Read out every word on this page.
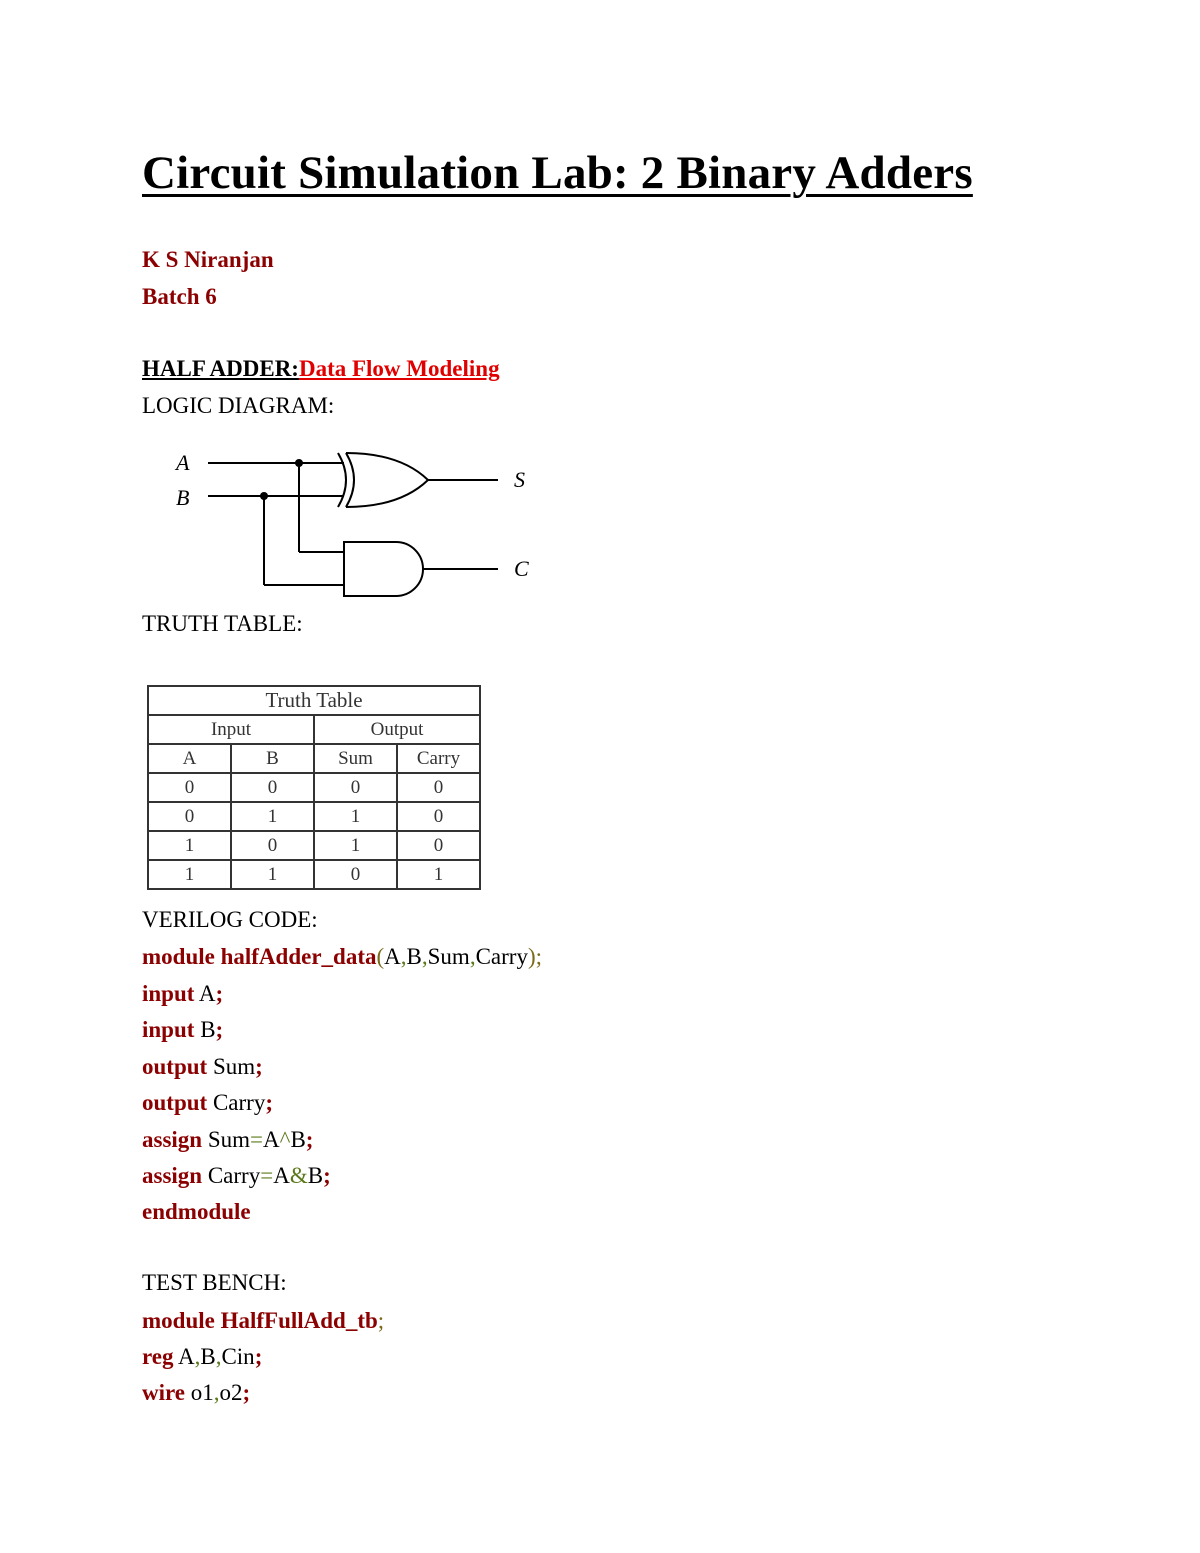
Circuit Simulation Lab: 2 Binary Adders
K S Niranjan
Batch 6
HALF ADDER:Data Flow Modeling
LOGIC DIAGRAM:
A
B
S
C
TRUTH TABLE:
Truth Table			
Input		Output	
A	B	Sum	Carry
0	0	0	0
0	1	1	0
1	0	1	0
1	1	0	1
VERILOG CODE:
module halfAdder_data(A,B,Sum,Carry);
input A;
input B;
output Sum;
output Carry;
assign Sum=A^B;
assign Carry=A&B;
endmodule
TEST BENCH:
module HalfFullAdd_tb;
reg A,B,Cin;
wire o1,o2;
